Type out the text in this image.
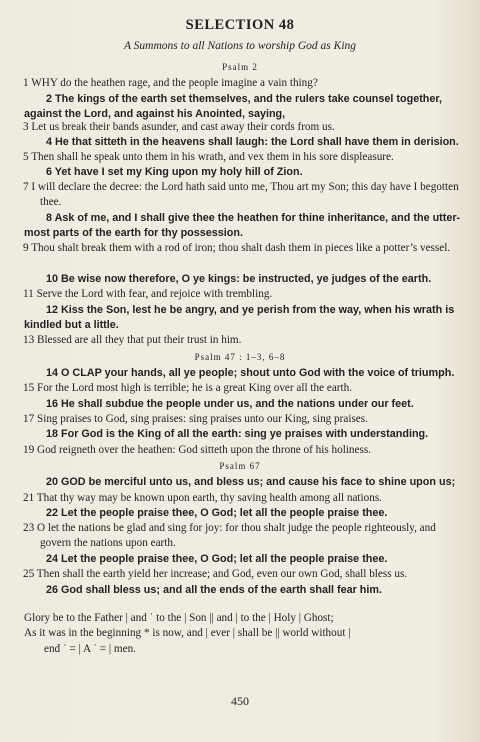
SELECTION 48
A Summons to all Nations to worship God as King
Psalm 2
1 WHY do the heathen rage, and the people imagine a vain thing?
2 The kings of the earth set themselves, and the rulers take counsel together,
against the Lord, and against his Anointed, saying,
3 Let us break their bands asunder, and cast away their cords from us.
4 He that sitteth in the heavens shall laugh: the Lord shall have them in derision.
5 Then shall he speak unto them in his wrath, and vex them in his sore displeasure.
6 Yet have I set my King upon my holy hill of Zion.
7 I will declare the decree: the Lord hath said unto me, Thou art my Son; this day have I begotten thee.
8 Ask of me, and I shall give thee the heathen for thine inheritance, and the utter-
most parts of the earth for thy possession.
9 Thou shalt break them with a rod of iron; thou shalt dash them in pieces like a potter’s vessel.
10 Be wise now therefore, O ye kings: be instructed, ye judges of the earth.
11 Serve the Lord with fear, and rejoice with trembling.
12 Kiss the Son, lest he be angry, and ye perish from the way, when his wrath is
kindled but a little.
13 Blessed are all they that put their trust in him.
Psalm 47 : 1–3, 6–8
14 O CLAP your hands, all ye people; shout unto God with the voice of triumph.
15 For the Lord most high is terrible; he is a great King over all the earth.
16 He shall subdue the people under us, and the nations under our feet.
17 Sing praises to God, sing praises: sing praises unto our King, sing praises.
18 For God is the King of all the earth: sing ye praises with understanding.
19 God reigneth over the heathen: God sitteth upon the throne of his holiness.
Psalm 67
20 GOD be merciful unto us, and bless us; and cause his face to shine upon us;
21 That thy way may be known upon earth, thy saving health among all nations.
22 Let the people praise thee, O God; let all the people praise thee.
23 O let the nations be glad and sing for joy: for thou shalt judge the people righteously, and govern the nations upon earth.
24 Let the people praise thee, O God; let all the people praise thee.
25 Then shall the earth yield her increase; and God, even our own God, shall bless us.
26 God shall bless us; and all the ends of the earth shall fear him.
Glory be to the Father | and ˙ to the | Son || and | to the | Holy | Ghost;
As it was in the beginning * is now, and | ever | shall be || world without |
end ˙ = | A ˙ = | men.
450
